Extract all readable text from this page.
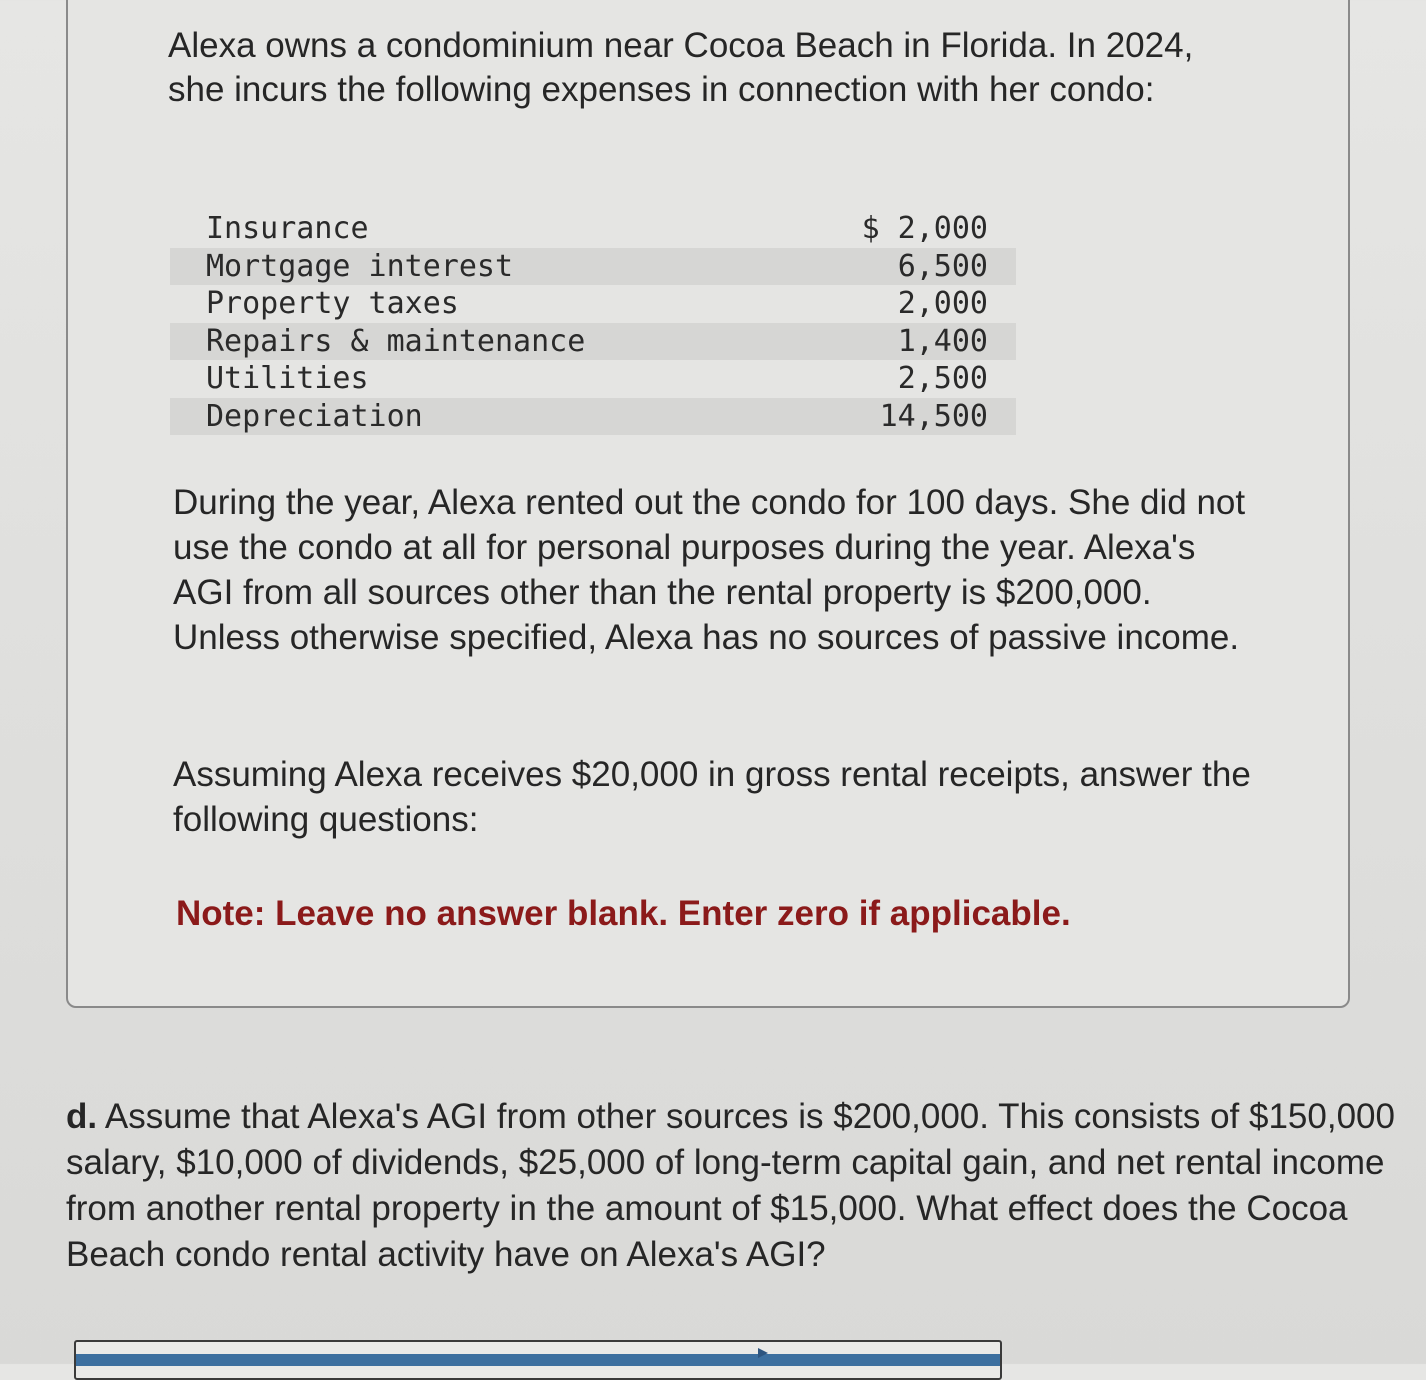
Alexa owns a condominium near Cocoa Beach in Florida. In 2024, she incurs the following expenses in connection with her condo:

Insurance	$ 2,000
Mortgage interest	6,500
Property taxes	2,000
Repairs & maintenance	1,400
Utilities	2,500
Depreciation	14,500

During the year, Alexa rented out the condo for 100 days. She did not use the condo at all for personal purposes during the year. Alexa's AGI from all sources other than the rental property is $200,000. Unless otherwise specified, Alexa has no sources of passive income.

Assuming Alexa receives $20,000 in gross rental receipts, answer the following questions:

Note: Leave no answer blank. Enter zero if applicable.

d. Assume that Alexa's AGI from other sources is $200,000. This consists of $150,000 salary, $10,000 of dividends, $25,000 of long-term capital gain, and net rental income from another rental property in the amount of $15,000. What effect does the Cocoa Beach condo rental activity have on Alexa's AGI?
